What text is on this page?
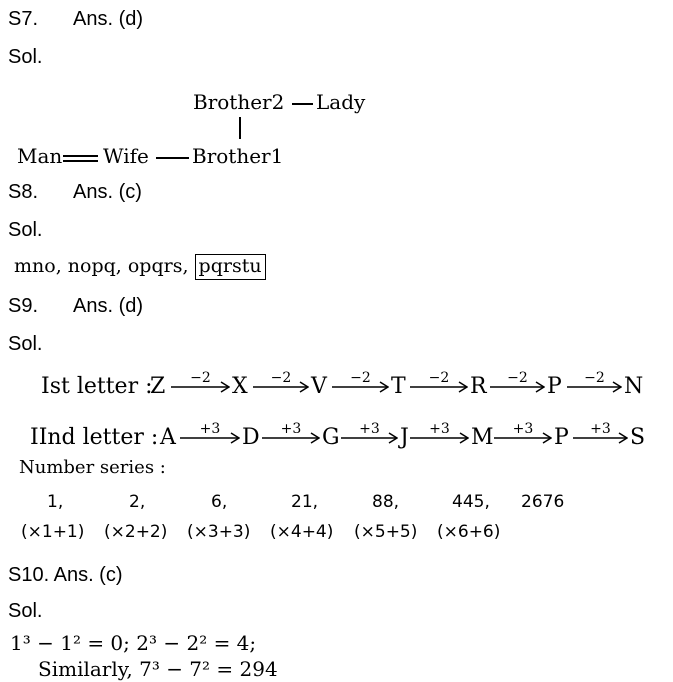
S7. Ans. (d)
Sol.
Brother2 Lady
Man Wife Brother1
S8. Ans. (c)
Sol.
mno, nopq, opqrs, pqrstu
S9. Ans. (d)
Sol.
Ist letter :
Z	−2 X	−2 V	−2 T	−2 R	−2 P	−2 N
IInd letter : A	+3 D	+3 G	+3 J	+3 M	+3 P	+3 S
Number series :
1,	2,	6,	21,	88,	445, 2676
(×1+1) (×2+2) (×3+3) (×4+4) (×5+5) (×6+6)
S10. Ans. (c)
Sol.
1³ − 1² = 0; 2³ − 2² = 4;
Similarly, 7³ − 7² = 294
